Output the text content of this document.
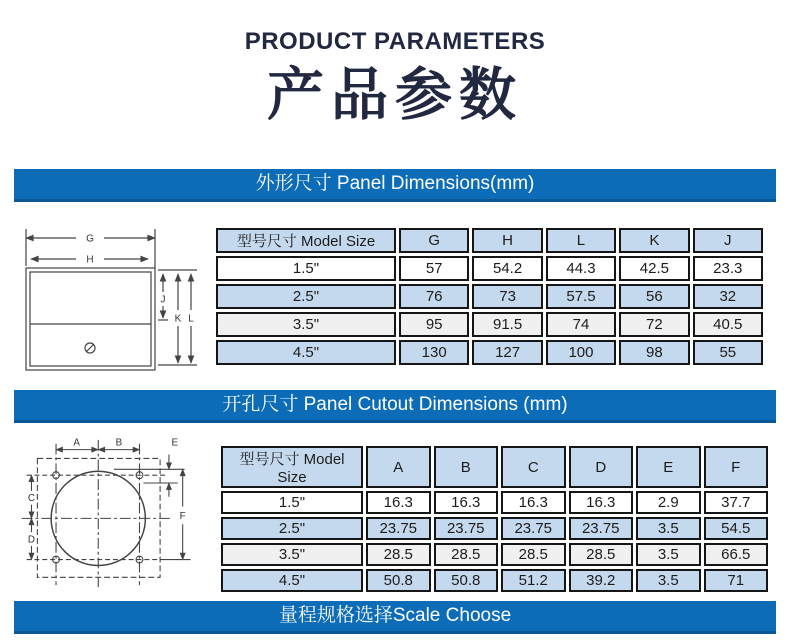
PRODUCT PARAMETERS
产品参数
外形尺寸 Panel Dimensions(mm)
G
H
J
K L
型号尺寸 Model Size	G	H	L	K	J
1.5"	57	54.2	44.3	42.5	23.3
2.5"	76	73	57.5	56	32
3.5"	95	91.5	74	72	40.5
4.5"	130	127	100	98	55
开孔尺寸 Panel Cutout Dimensions (mm)
A	B
C
D
E
F
型号尺寸 Model Size	A	B	C	D	E	F
1.5"	16.3	16.3	16.3	16.3	2.9	37.7
2.5"	23.75	23.75	23.75	23.75	3.5	54.5
3.5"	28.5	28.5	28.5	28.5	3.5	66.5
4.5"	50.8	50.8	51.2	39.2	3.5	71
量程规格选择Scale Choose
